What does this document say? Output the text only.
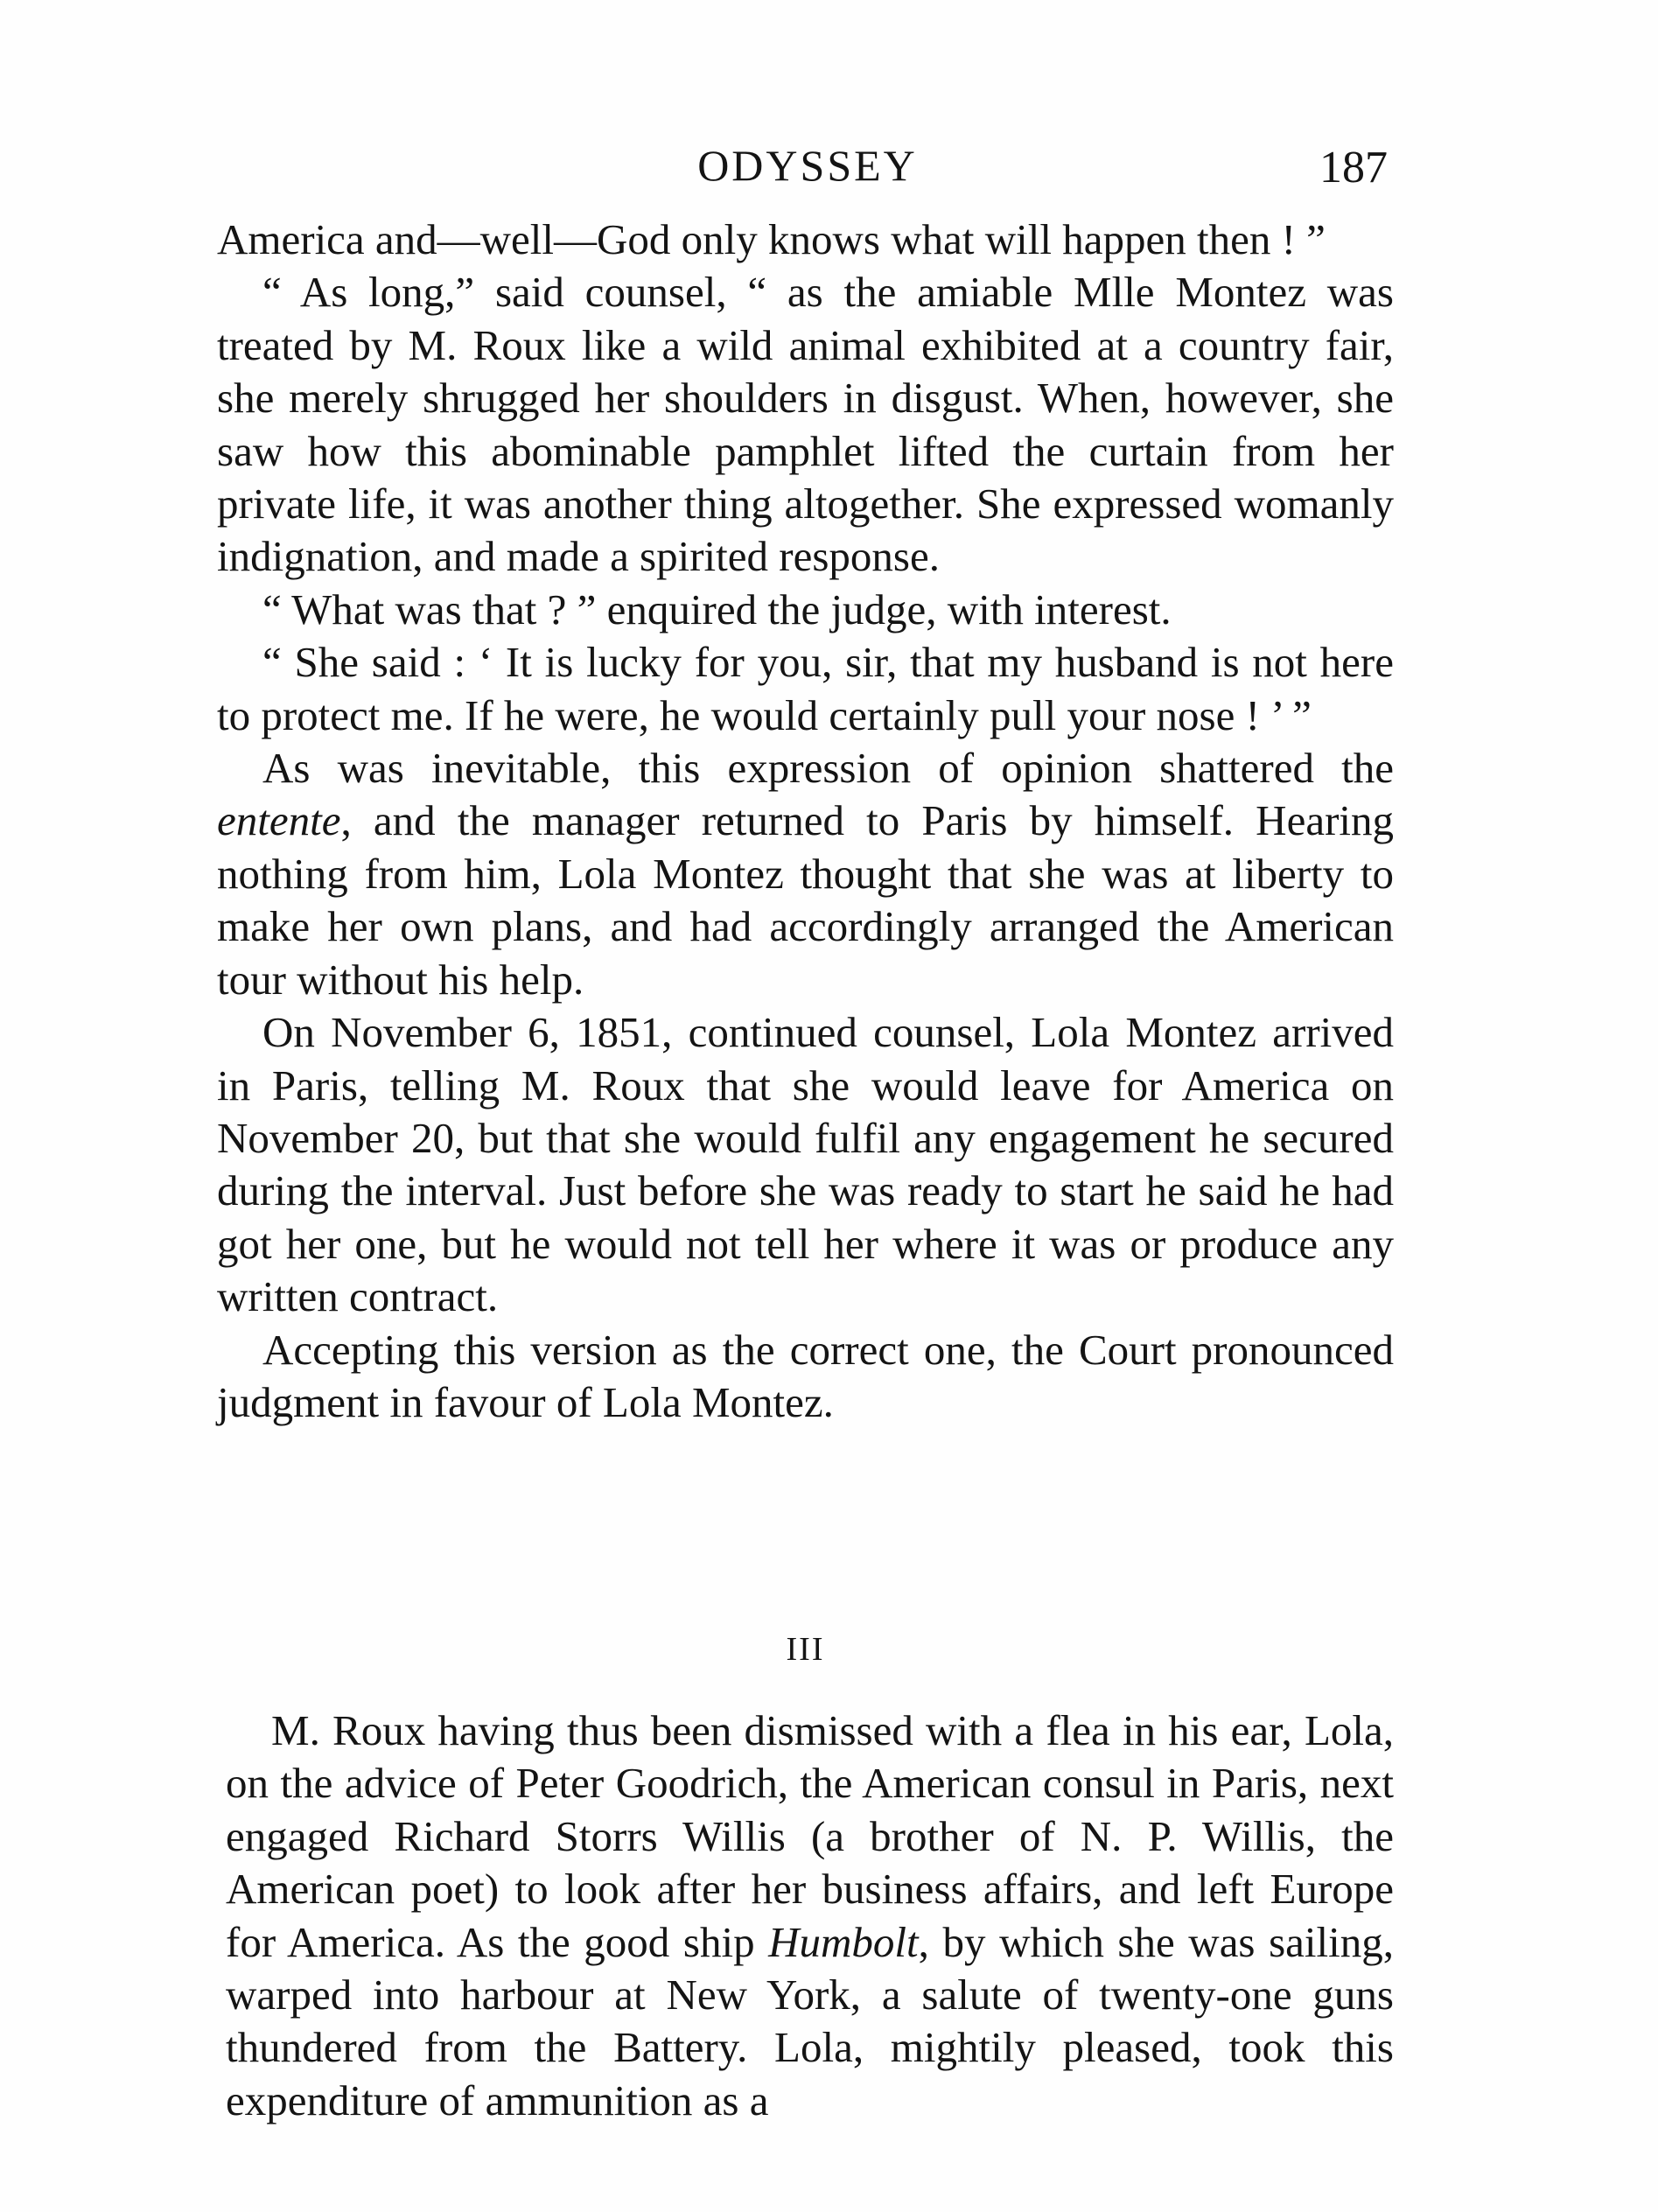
ODYSSEY	187

America and—well—God only knows what will happen then ! ”

“ As long,” said counsel, “ as the amiable Mlle Montez was treated by M. Roux like a wild animal exhibited at a country fair, she merely shrugged her shoulders in disgust. When, however, she saw how this abominable pamphlet lifted the curtain from her private life, it was another thing altogether. She expressed womanly indignation, and made a spirited response.

“ What was that ? ” enquired the judge, with interest.

“ She said : ‘ It is lucky for you, sir, that my husband is not here to protect me. If he were, he would certainly pull your nose ! ’ ”

As was inevitable, this expression of opinion shattered the entente, and the manager returned to Paris by himself. Hearing nothing from him, Lola Montez thought that she was at liberty to make her own plans, and had accordingly arranged the American tour without his help.

On November 6, 1851, continued counsel, Lola Montez arrived in Paris, telling M. Roux that she would leave for America on November 20, but that she would fulfil any engagement he secured during the interval. Just before she was ready to start he said he had got her one, but he would not tell her where it was or produce any written contract.

Accepting this version as the correct one, the Court pronounced judgment in favour of Lola Montez.

III

M. Roux having thus been dismissed with a flea in his ear, Lola, on the advice of Peter Goodrich, the American consul in Paris, next engaged Richard Storrs Willis (a brother of N. P. Willis, the American poet) to look after her business affairs, and left Europe for America. As the good ship Humbolt, by which she was sailing, warped into harbour at New York, a salute of twenty-one guns thundered from the Battery. Lola, mightily pleased, took this expenditure of ammunition as a
